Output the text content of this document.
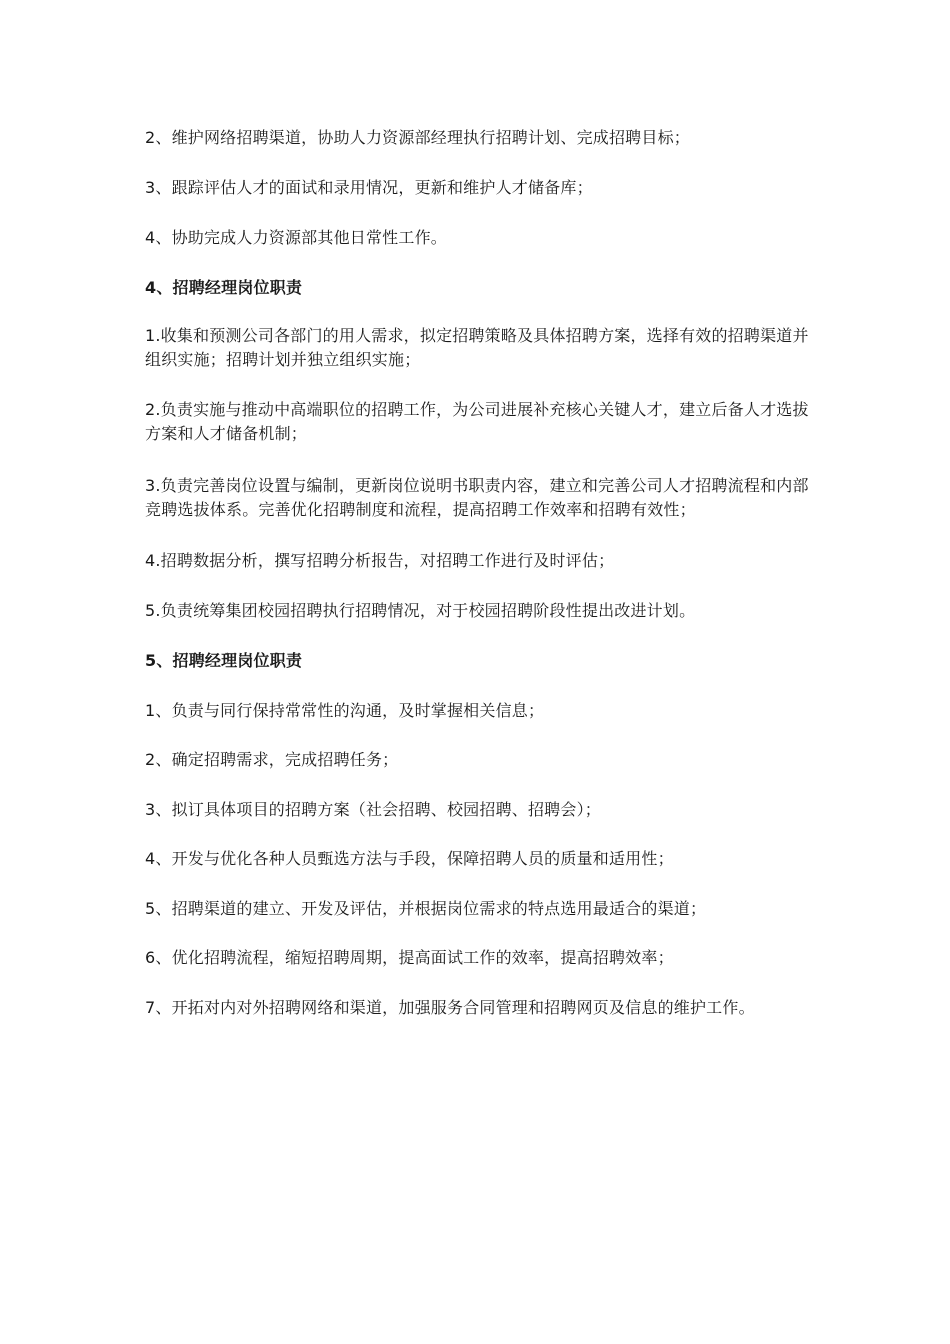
2、维护网络招聘渠道，协助人力资源部经理执行招聘计划、完成招聘目标；

3、跟踪评估人才的面试和录用情况，更新和维护人才储备库；

4、协助完成人力资源部其他日常性工作。

4、招聘经理岗位职责

1.收集和预测公司各部门的用人需求，拟定招聘策略及具体招聘方案，选择有效的招聘渠道并组织实施；招聘计划并独立组织实施；

2.负责实施与推动中高端职位的招聘工作，为公司进展补充核心关键人才，建立后备人才选拔方案和人才储备机制；

3.负责完善岗位设置与编制，更新岗位说明书职责内容，建立和完善公司人才招聘流程和内部竞聘选拔体系。完善优化招聘制度和流程，提高招聘工作效率和招聘有效性；

4.招聘数据分析，撰写招聘分析报告，对招聘工作进行及时评估；

5.负责统筹集团校园招聘执行招聘情况，对于校园招聘阶段性提出改进计划。

5、招聘经理岗位职责

1、负责与同行保持常常性的沟通，及时掌握相关信息；

2、确定招聘需求，完成招聘任务；

3、拟订具体项目的招聘方案（社会招聘、校园招聘、招聘会）；

4、开发与优化各种人员甄选方法与手段，保障招聘人员的质量和适用性；

5、招聘渠道的建立、开发及评估，并根据岗位需求的特点选用最适合的渠道；

6、优化招聘流程，缩短招聘周期，提高面试工作的效率，提高招聘效率；

7、开拓对内对外招聘网络和渠道，加强服务合同管理和招聘网页及信息的维护工作。
